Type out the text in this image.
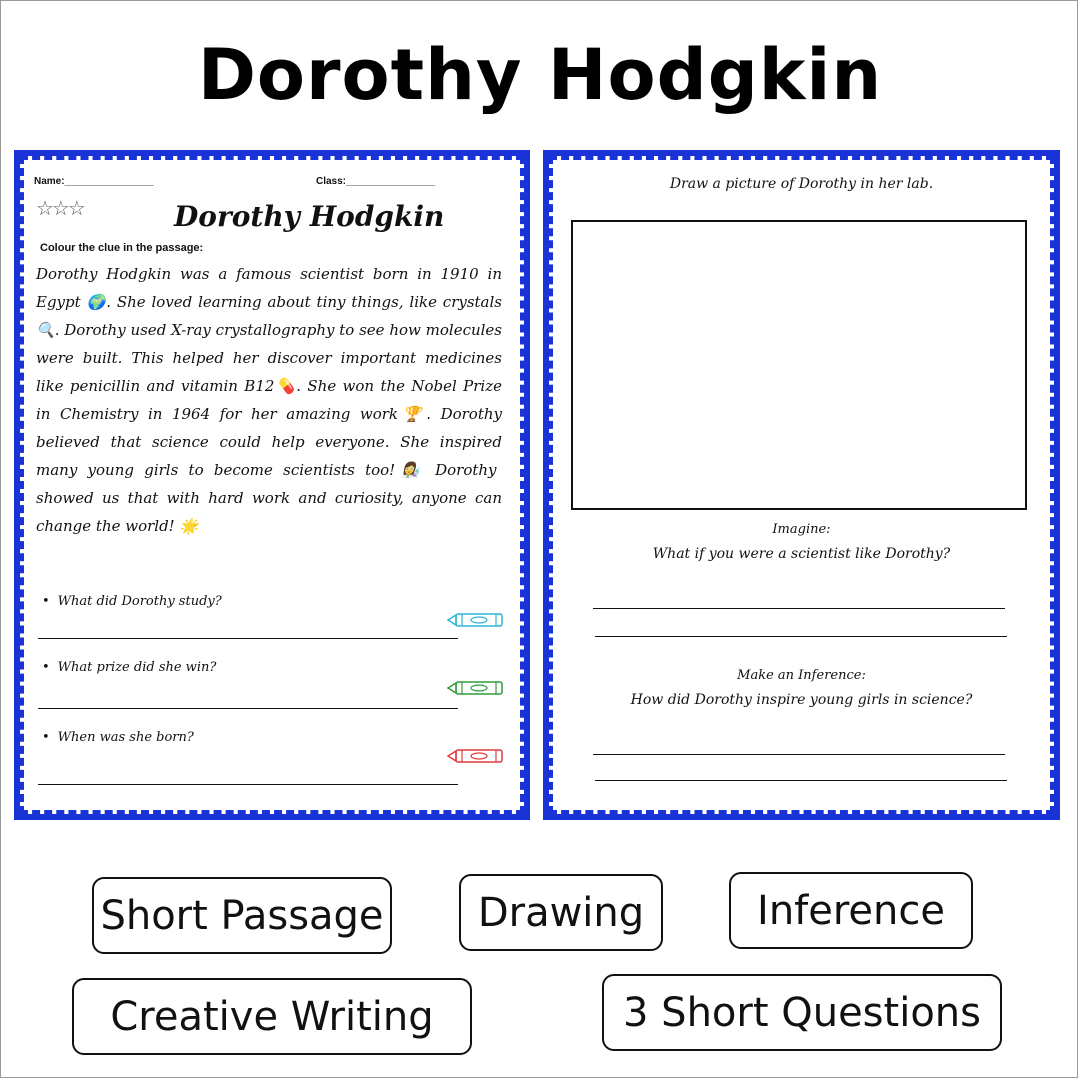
Dorothy Hodgkin
Name:________________	Class:________________
☆☆☆	Dorothy Hodgkin
Colour the clue in the passage:
Dorothy Hodgkin was a famous scientist born in 1910 in Egypt 🌍. She loved learning about tiny things, like crystals🔍. Dorothy used X-ray crystallography to see how molecules were built. This helped her discover important medicines like penicillin and vitamin B12💊. She won the Nobel Prize in Chemistry in 1964 for her amazing work🏆. Dorothy believed that science could help everyone. She inspired many young girls to become scientists too!👩‍🔬 Dorothy showed us that with hard work and curiosity, anyone can change the world! 🌟
• What did Dorothy study?
• What prize did she win?
• When was she born?
Draw a picture of Dorothy in her lab.
Imagine:
What if you were a scientist like Dorothy?
Make an Inference:
How did Dorothy inspire young girls in science?
Short Passage	Drawing	Inference
Creative Writing	3 Short Questions
